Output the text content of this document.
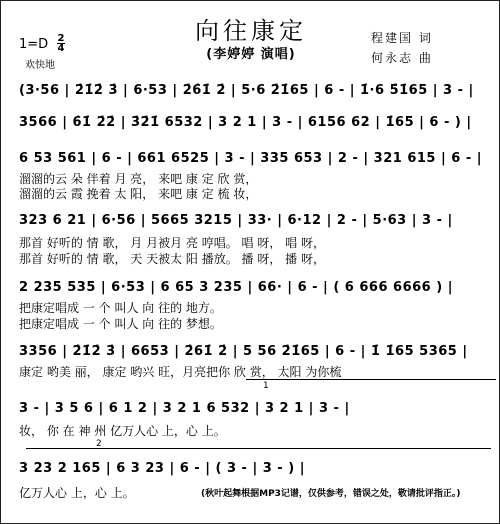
向往康定
(李婷婷 演唱)
1=D 2
4
欢快地
程建国 词
何永志 曲
(3·56 | 2̇1̇2̇ 3̇ | 6·53 | 2̇6̇1̇ 2̇ | 5·6 2̇1̇65 | 6 - | 1̇·6 5̇1̇65 | 3 - |
3566 | 6̇1̇ 2̇2̇ | 3̇2̇1̇ 6532 | 3 2 1 | 3 - | 6156 62 | 1̇65 | 6 - ) |
6 53 561 | 6 - | 661 6525 | 3 - | 335 653 | 2 - | 321 615 | 6 - |
溜溜的云 朵 伴着 月 亮， 来吧 康 定 欣 赏，
溜溜的云 霞 挽着 太 阳， 来吧 康 定 梳 妆，
323 6 21 | 6·56 | 5665 3215 | 33· | 6·12 | 2 - | 5·63 | 3 - |
那首 好听的 情 歌， 月 月被月 亮 哼唱。 唱 呀， 唱 呀，
那首 好听的 情 歌， 天 天被太 阳 播放。 播 呀， 播 呀，
2 235 535 | 6·53 | 6 65 3 235 | 66· | 6 - | ( 6 666 6666 ) |
把康定唱成 一 个 叫人 向 往的 地方。
把康定唱成 一 个 叫人 向 往的 梦想。
3356 | 2̇1̇2̇ 3̇ | 6653 | 2̇61̇ 2̇ | 5 56 2̇1̇65 | 6 - | 1̇ 1̇65 5365 |
康定 哟美 丽， 康定 哟兴 旺，月亮把你 欣 赏， 太阳 为你梳
1
3 - | 3 5 6 | 6 1 2 | 3 2 1 6 532 | 3 2 1 | 3 - |
妆， 你 在 神 州 亿万人心 上，心 上。
2
3 23 2 165 | 6 3 23 | 6 - | ( 3 - | 3 - ) |
亿万人心 上，心 上。	(秋叶起舞根据MP3记谱，仅供参考，错误之处，敬请批评指正。)
